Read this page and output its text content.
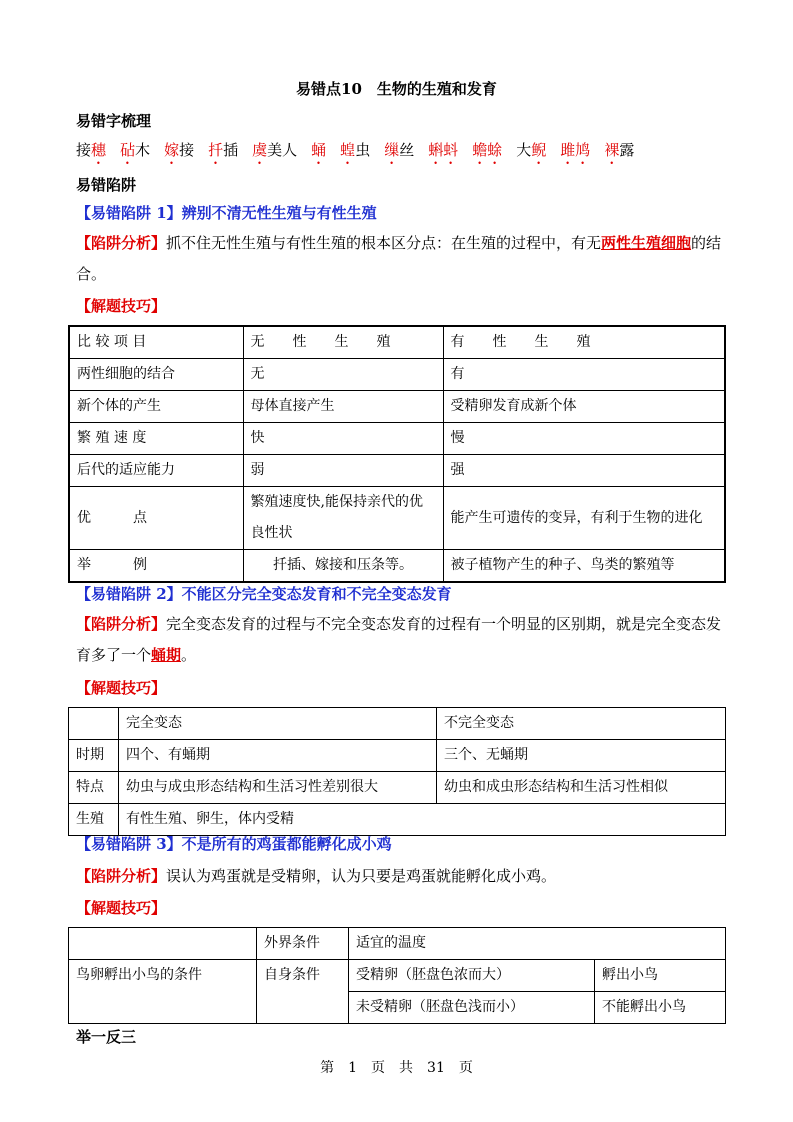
易错点10　生物的生殖和发育
易错字梳理
接穗 砧木 嫁接 扦插 虞美人 蛹 蝗虫 缫丝 蝌蚪 蟾蜍 大鲵 雎鸠 裸露
易错陷阱
【易错陷阱 1】辨别不清无性生殖与有性生殖
【陷阱分析】抓不住无性生殖与有性生殖的根本区分点：在生殖的过程中，有无两性生殖细胞的结合。
【解题技巧】
比 较 项 目	无　　性　　生　　殖	有　　性　　生　　殖
两性细胞的结合	无	有
新个体的产生	母体直接产生	受精卵发育成新个体
繁 殖 速 度	快	慢
后代的适应能力	弱	强
优　　　点	繁殖速度快,能保持亲代的优良性状	能产生可遗传的变异，有利于生物的进化
举　　　例	扦插、嫁接和压条等。	被子植物产生的种子、鸟类的繁殖等
【易错陷阱 2】不能区分完全变态发育和不完全变态发育
【陷阱分析】完全变态发育的过程与不完全变态发育的过程有一个明显的区别期，就是完全变态发育多了一个蛹期。
【解题技巧】
	完全变态	不完全变态
时期	四个、有蛹期	三个、无蛹期
特点	幼虫与成虫形态结构和生活习性差别很大	幼虫和成虫形态结构和生活习性相似
生殖	有性生殖、卵生，体内受精	
【易错陷阱 3】不是所有的鸡蛋都能孵化成小鸡
【陷阱分析】误认为鸡蛋就是受精卵，认为只要是鸡蛋就能孵化成小鸡。
【解题技巧】
	外界条件	适宜的温度	
鸟卵孵出小鸟的条件	自身条件	受精卵（胚盘色浓而大）	孵出小鸟
		未受精卵（胚盘色浅而小）	不能孵出小鸟
举一反三
第　1　页　共　31　页
